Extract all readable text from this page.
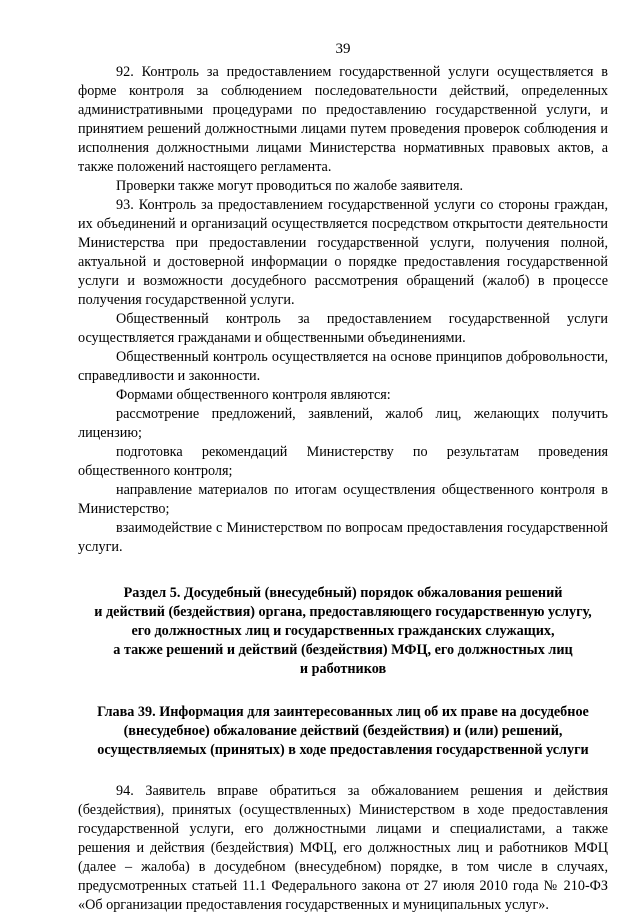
39

92. Контроль за предоставлением государственной услуги осуществляется в форме контроля за соблюдением последовательности действий, определенных административными процедурами по предоставлению государственной услуги, и принятием решений должностными лицами путем проведения проверок соблюдения и исполнения должностными лицами Министерства нормативных правовых актов, а также положений настоящего регламента.

Проверки также могут проводиться по жалобе заявителя.

93. Контроль за предоставлением государственной услуги со стороны граждан, их объединений и организаций осуществляется посредством открытости деятельности Министерства при предоставлении государственной услуги, получения полной, актуальной и достоверной информации о порядке предоставления государственной услуги и возможности досудебного рассмотрения обращений (жалоб) в процессе получения государственной услуги.

Общественный контроль за предоставлением государственной услуги осуществляется гражданами и общественными объединениями.

Общественный контроль осуществляется на основе принципов добровольности, справедливости и законности.

Формами общественного контроля являются:

рассмотрение предложений, заявлений, жалоб лиц, желающих получить лицензию;

подготовка рекомендаций Министерству по результатам проведения общественного контроля;

направление материалов по итогам осуществления общественного контроля в Министерство;

взаимодействие с Министерством по вопросам предоставления государственной услуги.

Раздел 5. Досудебный (внесудебный) порядок обжалования решений
и действий (бездействия) органа, предоставляющего государственную услугу,
его должностных лиц и государственных гражданских служащих,
а также решений и действий (бездействия) МФЦ, его должностных лиц
и работников
Глава 39. Информация для заинтересованных лиц об их праве на досудебное
(внесудебное) обжалование действий (бездействия) и (или) решений,
осуществляемых (принятых) в ходе предоставления государственной услуги

94. Заявитель вправе обратиться за обжалованием решения и действия (бездействия), принятых (осуществленных) Министерством в ходе предоставления государственной услуги, его должностными лицами и специалистами, а также решения и действия (бездействия) МФЦ, его должностных лиц и работников МФЦ (далее – жалоба) в досудебном (внесудебном) порядке, в том числе в случаях, предусмотренных статьей 11.1 Федерального закона от 27 июля 2010 года № 210-ФЗ «Об организации предоставления государственных и муниципальных услуг».
